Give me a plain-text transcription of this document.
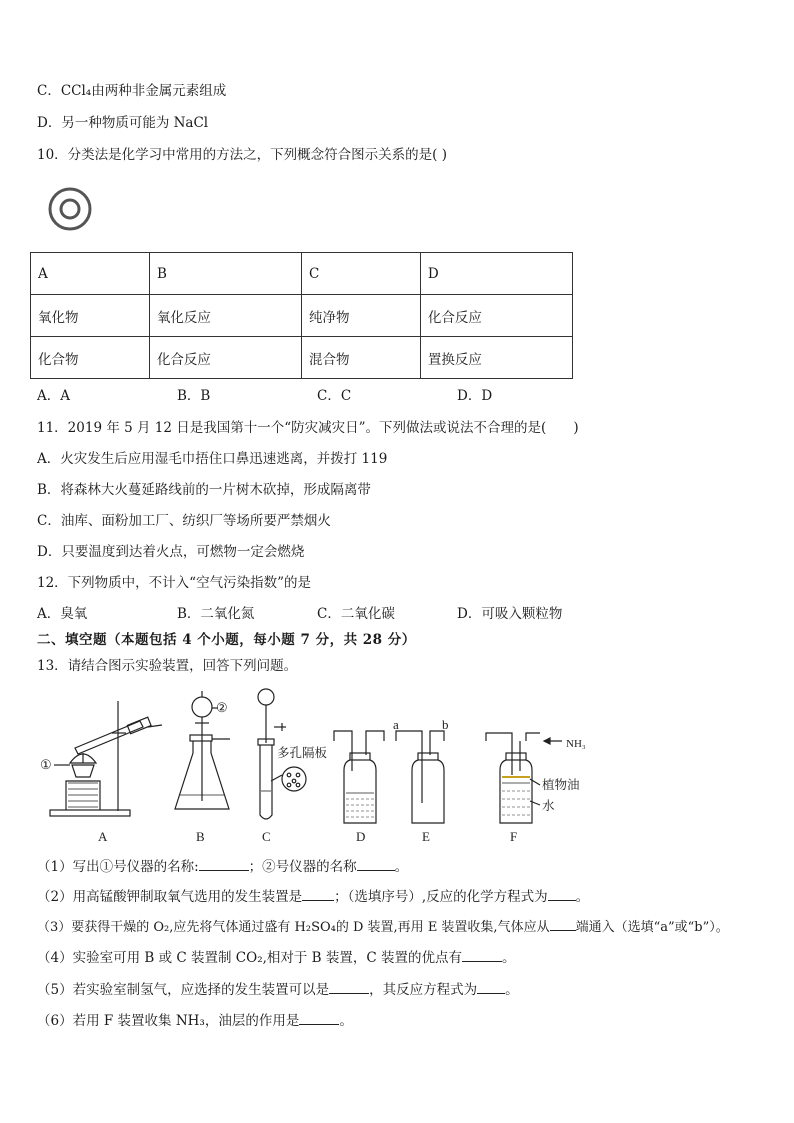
C．CCl₄由两种非金属元素组成
D．另一种物质可能为 NaCl
10．分类法是化学习中常用的方法之，下列概念符合图示关系的是( )
A	B	C	D
氧化物	氧化反应	纯净物	化合反应
化合物	化合反应	混合物	置换反应
A．A	B．B	C．C	D．D
11．2019 年 5 月 12 日是我国第十一个“防灾减灾日”。下列做法或说法不合理的是(　　)
A．火灾发生后应用湿毛巾捂住口鼻迅速逃离，并拨打 119
B．将森林大火蔓延路线前的一片树木砍掉，形成隔离带
C．油库、面粉加工厂、纺织厂等场所要严禁烟火
D．只要温度到达着火点，可燃物一定会燃烧
12．下列物质中，不计入“空气污染指数”的是
A．臭氧	B．二氧化氮	C．二氧化碳	D．可吸入颗粒物
二、填空题（本题包括 4 个小题，每小题 7 分，共 28 分）
13．请结合图示实验装置，回答下列问题。
①
A
②
B
多孔隔板
C	D
a	b
E
NH₃
植物油
水
F
（1）写出①号仪器的名称:	；②号仪器的名称	。
（2）用高锰酸钾制取氧气选用的发生装置是 ；（选填序号）,反应的化学方程式为 。
（3）要获得干燥的 O₂,应先将气体通过盛有 H₂SO₄的 D 装置,再用 E 装置收集,气体应从 端通入（选填“a”或“b”）。
（4）实验室可用 B 或 C 装置制 CO₂,相对于 B 装置，C 装置的优点有	。
（5）若实验室制氢气，应选择的发生装置可以是	，其反应方程式为 。
（6）若用 F 装置收集 NH₃，油层的作用是	。
